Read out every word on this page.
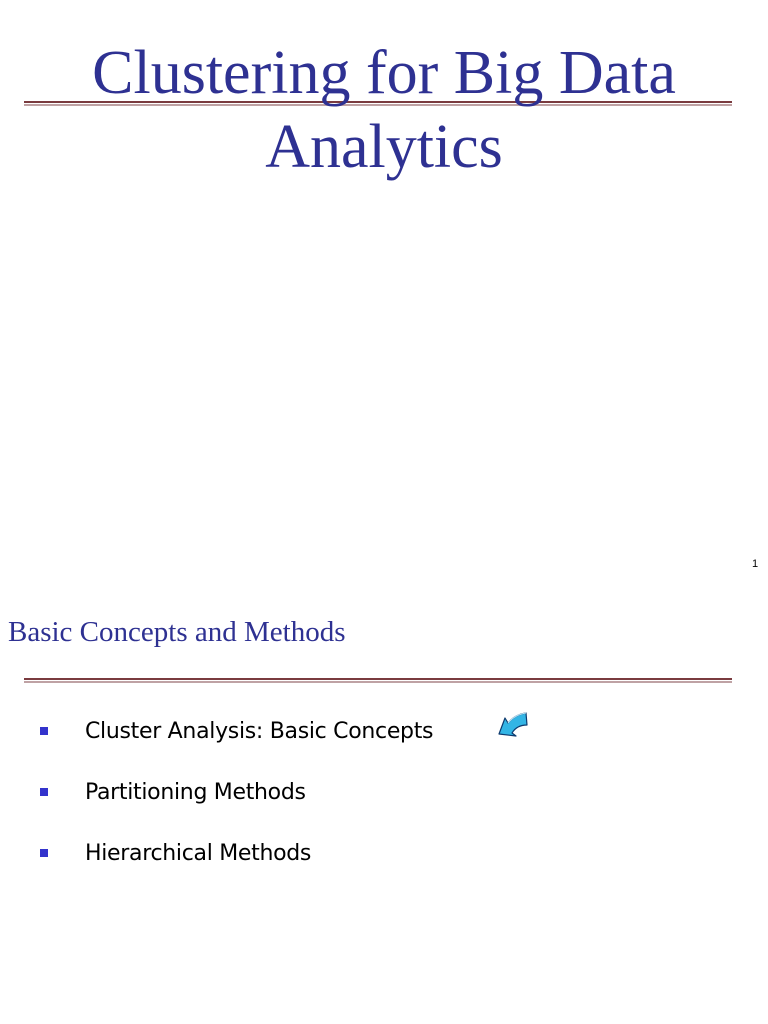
Clustering for Big Data
Analytics
1
Basic Concepts and Methods
Cluster Analysis: Basic Concepts
Partitioning Methods
Hierarchical Methods
